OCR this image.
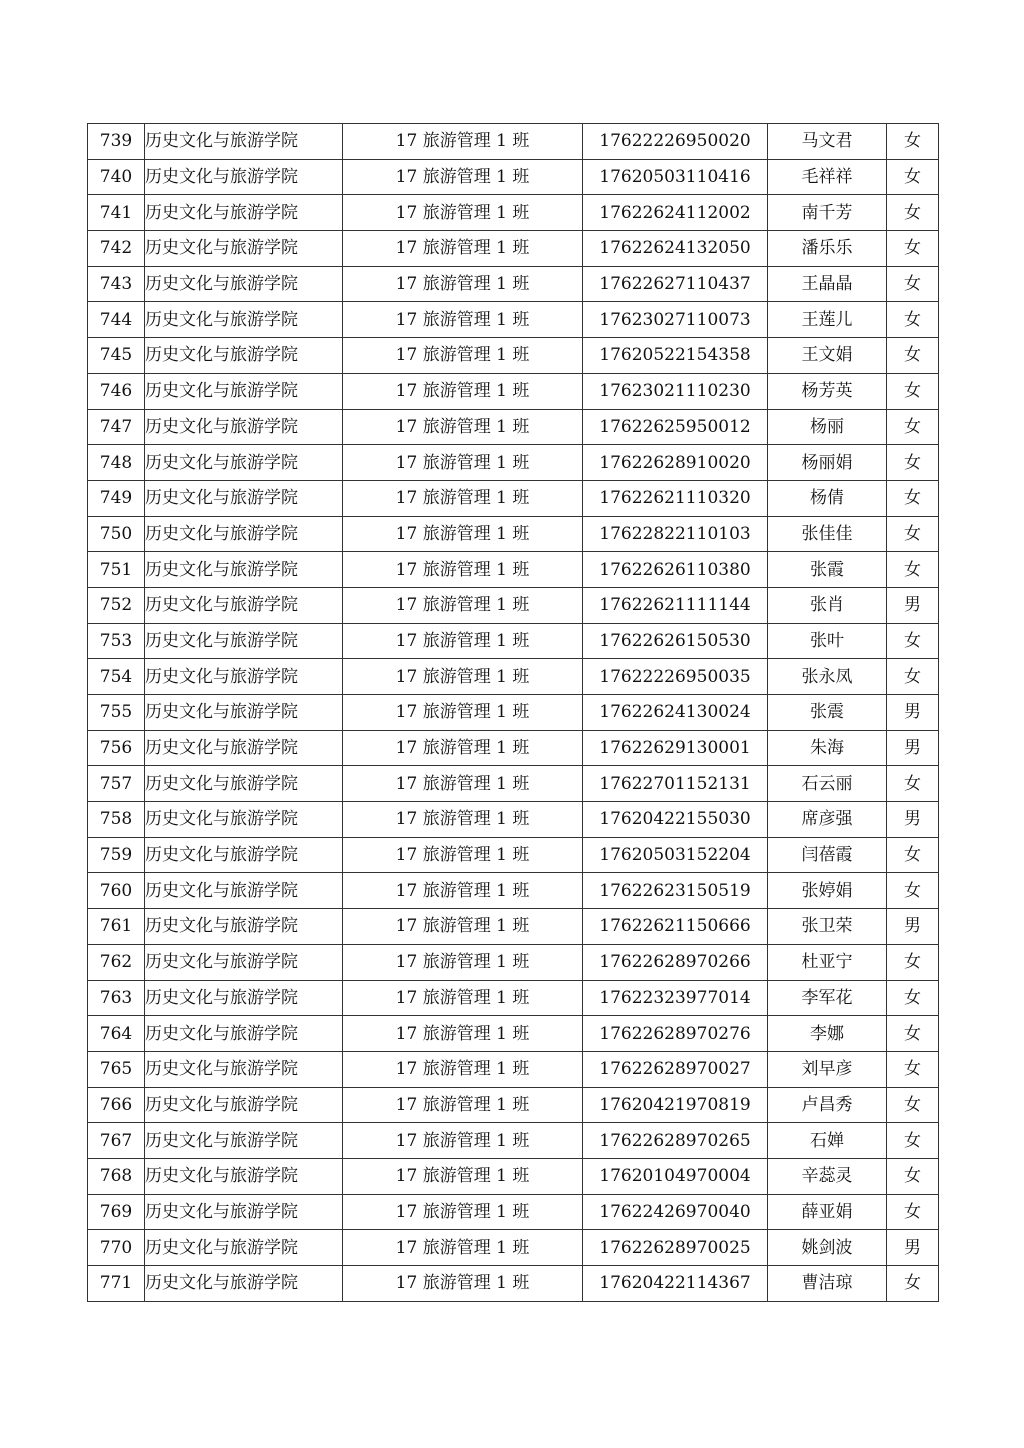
739	历史文化与旅游学院	17 旅游管理 1 班	17622226950020	马文君	女
740	历史文化与旅游学院	17 旅游管理 1 班	17620503110416	毛祥祥	女
741	历史文化与旅游学院	17 旅游管理 1 班	17622624112002	南千芳	女
742	历史文化与旅游学院	17 旅游管理 1 班	17622624132050	潘乐乐	女
743	历史文化与旅游学院	17 旅游管理 1 班	17622627110437	王晶晶	女
744	历史文化与旅游学院	17 旅游管理 1 班	17623027110073	王莲儿	女
745	历史文化与旅游学院	17 旅游管理 1 班	17620522154358	王文娟	女
746	历史文化与旅游学院	17 旅游管理 1 班	17623021110230	杨芳英	女
747	历史文化与旅游学院	17 旅游管理 1 班	17622625950012	杨丽	女
748	历史文化与旅游学院	17 旅游管理 1 班	17622628910020	杨丽娟	女
749	历史文化与旅游学院	17 旅游管理 1 班	17622621110320	杨倩	女
750	历史文化与旅游学院	17 旅游管理 1 班	17622822110103	张佳佳	女
751	历史文化与旅游学院	17 旅游管理 1 班	17622626110380	张霞	女
752	历史文化与旅游学院	17 旅游管理 1 班	17622621111144	张肖	男
753	历史文化与旅游学院	17 旅游管理 1 班	17622626150530	张叶	女
754	历史文化与旅游学院	17 旅游管理 1 班	17622226950035	张永凤	女
755	历史文化与旅游学院	17 旅游管理 1 班	17622624130024	张震	男
756	历史文化与旅游学院	17 旅游管理 1 班	17622629130001	朱海	男
757	历史文化与旅游学院	17 旅游管理 1 班	17622701152131	石云丽	女
758	历史文化与旅游学院	17 旅游管理 1 班	17620422155030	席彦强	男
759	历史文化与旅游学院	17 旅游管理 1 班	17620503152204	闫蓓霞	女
760	历史文化与旅游学院	17 旅游管理 1 班	17622623150519	张婷娟	女
761	历史文化与旅游学院	17 旅游管理 1 班	17622621150666	张卫荣	男
762	历史文化与旅游学院	17 旅游管理 1 班	17622628970266	杜亚宁	女
763	历史文化与旅游学院	17 旅游管理 1 班	17622323977014	李军花	女
764	历史文化与旅游学院	17 旅游管理 1 班	17622628970276	李娜	女
765	历史文化与旅游学院	17 旅游管理 1 班	17622628970027	刘早彦	女
766	历史文化与旅游学院	17 旅游管理 1 班	17620421970819	卢昌秀	女
767	历史文化与旅游学院	17 旅游管理 1 班	17622628970265	石婵	女
768	历史文化与旅游学院	17 旅游管理 1 班	17620104970004	辛蕊灵	女
769	历史文化与旅游学院	17 旅游管理 1 班	17622426970040	薛亚娟	女
770	历史文化与旅游学院	17 旅游管理 1 班	17622628970025	姚剑波	男
771	历史文化与旅游学院	17 旅游管理 1 班	17620422114367	曹洁琼	女
